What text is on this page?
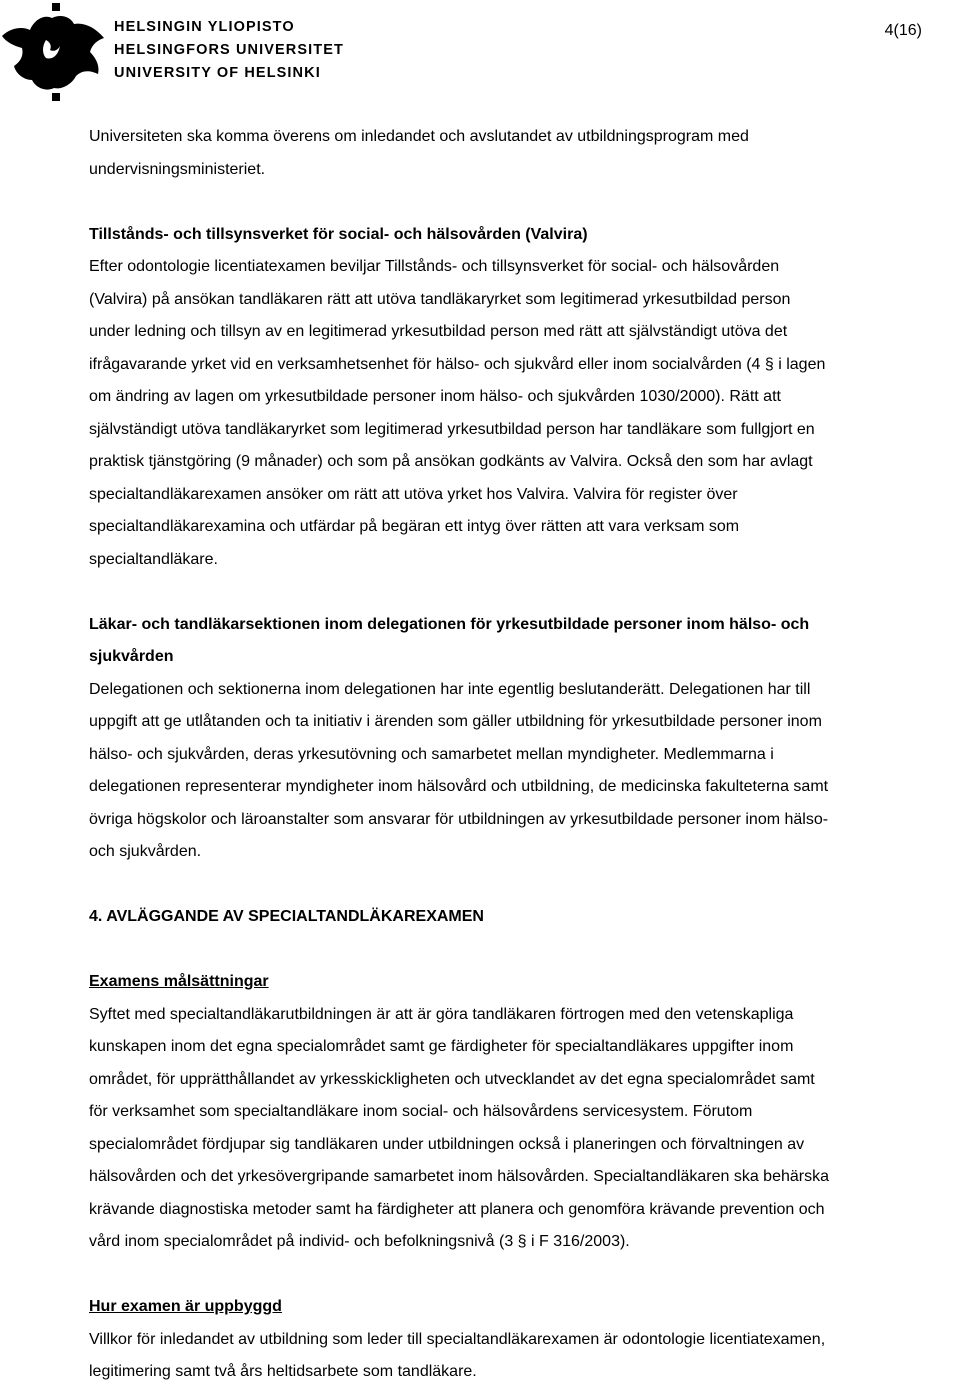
HELSINGIN YLIOPISTO
HELSINGFORS UNIVERSITET
UNIVERSITY OF HELSINKI
4(16)

Universiteten ska komma överens om inledandet och avslutandet av utbildningsprogram med

undervisningsministeriet.

Tillstånds- och tillsynsverket för social- och hälsovården (Valvira)

Efter odontologie licentiatexamen beviljar Tillstånds- och tillsynsverket för social- och hälsovården

(Valvira) på ansökan tandläkaren rätt att utöva tandläkaryrket som legitimerad yrkesutbildad person

under ledning och tillsyn av en legitimerad yrkesutbildad person med rätt att självständigt utöva det

ifrågavarande yrket vid en verksamhetsenhet för hälso- och sjukvård eller inom socialvården (4 § i lagen

om ändring av lagen om yrkesutbildade personer inom hälso- och sjukvården 1030/2000). Rätt att

självständigt utöva tandläkaryrket som legitimerad yrkesutbildad person har tandläkare som fullgjort en

praktisk tjänstgöring (9 månader) och som på ansökan godkänts av Valvira. Också den som har avlagt

specialtandläkarexamen ansöker om rätt att utöva yrket hos Valvira. Valvira för register över

specialtandläkarexamina och utfärdar på begäran ett intyg över rätten att vara verksam som

specialtandläkare.

Läkar- och tandläkarsektionen inom delegationen för yrkesutbildade personer inom hälso- och

sjukvården

Delegationen och sektionerna inom delegationen har inte egentlig beslutanderätt. Delegationen har till

uppgift att ge utlåtanden och ta initiativ i ärenden som gäller utbildning för yrkesutbildade personer inom

hälso- och sjukvården, deras yrkesutövning och samarbetet mellan myndigheter. Medlemmarna i

delegationen representerar myndigheter inom hälsovård och utbildning, de medicinska fakulteterna samt

övriga högskolor och läroanstalter som ansvarar för utbildningen av yrkesutbildade personer inom hälso-

och sjukvården.

4. AVLÄGGANDE AV SPECIALTANDLÄKAREXAMEN

Examens målsättningar

Syftet med specialtandläkarutbildningen är att är göra tandläkaren förtrogen med den vetenskapliga

kunskapen inom det egna specialområdet samt ge färdigheter för specialtandläkares uppgifter inom

området, för upprätthållandet av yrkesskickligheten och utvecklandet av det egna specialområdet samt

för verksamhet som specialtandläkare inom social- och hälsovårdens servicesystem. Förutom

specialområdet fördjupar sig tandläkaren under utbildningen också i planeringen och förvaltningen av

hälsovården och det yrkesövergripande samarbetet inom hälsovården. Specialtandläkaren ska behärska

krävande diagnostiska metoder samt ha färdigheter att planera och genomföra krävande prevention och

vård inom specialområdet på individ- och befolkningsnivå (3 § i F 316/2003).

Hur examen är uppbyggd

Villkor för inledandet av utbildning som leder till specialtandläkarexamen är odontologie licentiatexamen,

legitimering samt två års heltidsarbete som tandläkare.
